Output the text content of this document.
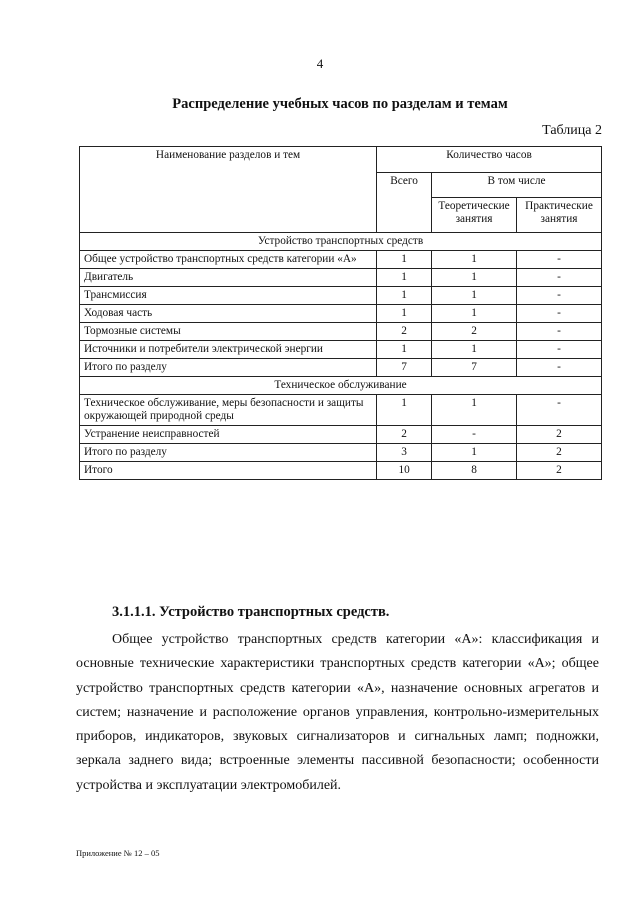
4
Распределение учебных часов по разделам и темам
Таблица 2
Наименование разделов и тем	Количество часов		
	Всего	В том числе	
		Теоретические занятия	Практические занятия
Устройство транспортных средств			
Общее устройство транспортных средств категории «А»	1	1	-
Двигатель	1	1	-
Трансмиссия	1	1	-
Ходовая часть	1	1	-
Тормозные системы	2	2	-
Источники и потребители электрической энергии	1	1	-
Итого по разделу	7	7	-
Техническое обслуживание			
Техническое обслуживание, меры безопасности и защиты окружающей природной среды	1	1	-
Устранение неисправностей	2	-	2
Итого по разделу	3	1	2
Итого	10	8	2
3.1.1.1. Устройство транспортных средств.

Общее устройство транспортных средств категории «А»: классификация и основные технические характеристики транспортных средств категории «А»; общее устройство транспортных средств категории «А», назначение основных агрегатов и систем; назначение и расположение органов управления, контрольно-измерительных приборов, индикаторов, звуковых сигнализаторов и сигнальных ламп; подножки, зеркала заднего вида; встроенные элементы пассивной безопасности; особенности устройства и эксплуатации электромобилей.

Приложение № 12 – 05
